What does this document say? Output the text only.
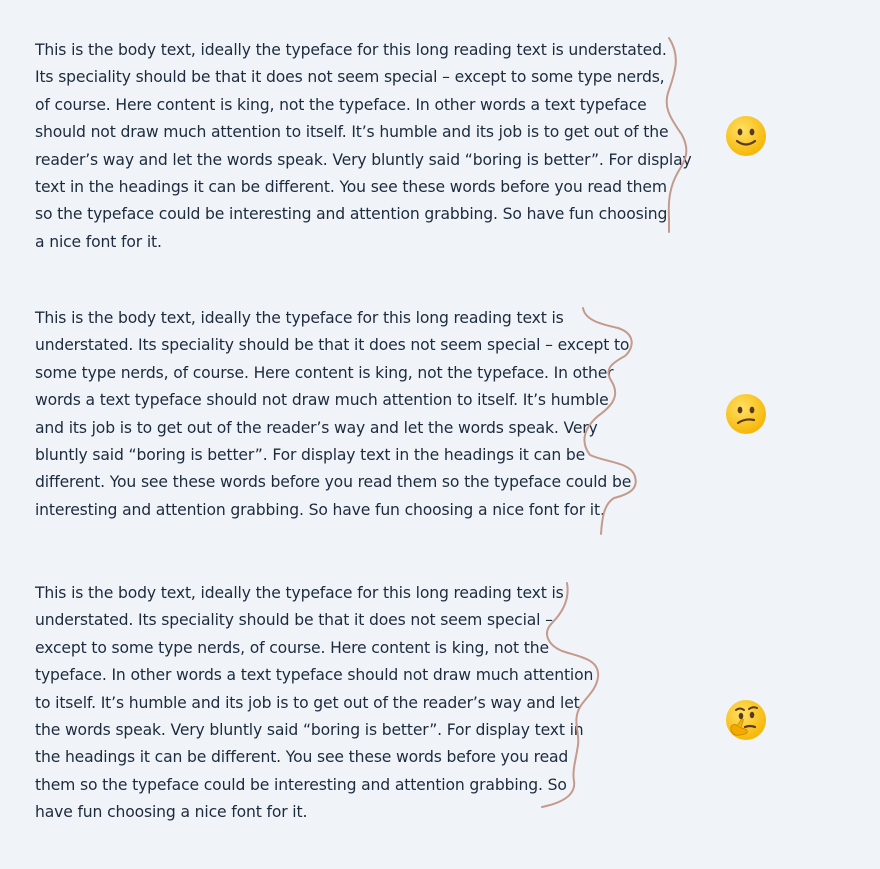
This is the body text, ideally the typeface for this long reading text is understated.
Its speciality should be that it does not seem special – except to some type nerds,
of course. Here content is king, not the typeface. In other words a text typeface
should not draw much attention to itself. It’s humble and its job is to get out of the
reader’s way and let the words speak. Very bluntly said “boring is better”. For display
text in the headings it can be different. You see these words before you read them
so the typeface could be interesting and attention grabbing. So have fun choosing
a nice font for it.
This is the body text, ideally the typeface for this long reading text is
understated. Its speciality should be that it does not seem special – except to
some type nerds, of course. Here content is king, not the typeface. In other
words a text typeface should not draw much attention to itself. It’s humble
and its job is to get out of the reader’s way and let the words speak. Very
bluntly said “boring is better”. For display text in the headings it can be
different. You see these words before you read them so the typeface could be
interesting and attention grabbing. So have fun choosing a nice font for it.
This is the body text, ideally the typeface for this long reading text is
understated. Its speciality should be that it does not seem special –
except to some type nerds, of course. Here content is king, not the
typeface. In other words a text typeface should not draw much attention
to itself. It’s humble and its job is to get out of the reader’s way and let
the words speak. Very bluntly said “boring is better”. For display text in
the headings it can be different. You see these words before you read
them so the typeface could be interesting and attention grabbing. So
have fun choosing a nice font for it.
